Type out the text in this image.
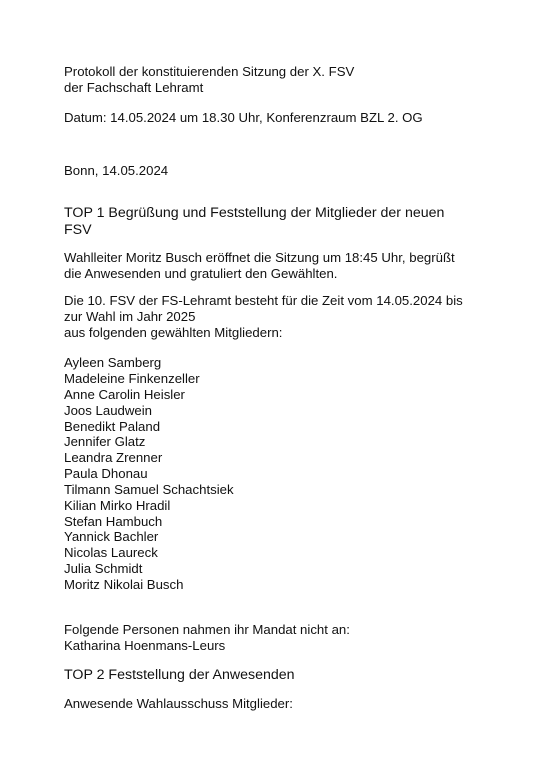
Protokoll der konstituierenden Sitzung der X. FSV
der Fachschaft Lehramt
Datum: 14.05.2024 um 18.30 Uhr, Konferenzraum BZL 2. OG
Bonn, 14.05.2024
TOP 1 Begrüßung und Feststellung der Mitglieder der neuen
FSV
Wahlleiter Moritz Busch eröffnet die Sitzung um 18:45 Uhr, begrüßt
die Anwesenden und gratuliert den Gewählten.
Die 10. FSV der FS-Lehramt besteht für die Zeit vom 14.05.2024 bis
zur Wahl im Jahr 2025
aus folgenden gewählten Mitgliedern:
Ayleen Samberg
Madeleine Finkenzeller
Anne Carolin Heisler
Joos Laudwein
Benedikt Paland
Jennifer Glatz
Leandra Zrenner
Paula Dhonau
Tilmann Samuel Schachtsiek
Kilian Mirko Hradil
Stefan Hambuch
Yannick Bachler
Nicolas Laureck
Julia Schmidt
Moritz Nikolai Busch
Folgende Personen nahmen ihr Mandat nicht an:
Katharina Hoenmans-Leurs
TOP 2 Feststellung der Anwesenden
Anwesende Wahlausschuss Mitglieder:
